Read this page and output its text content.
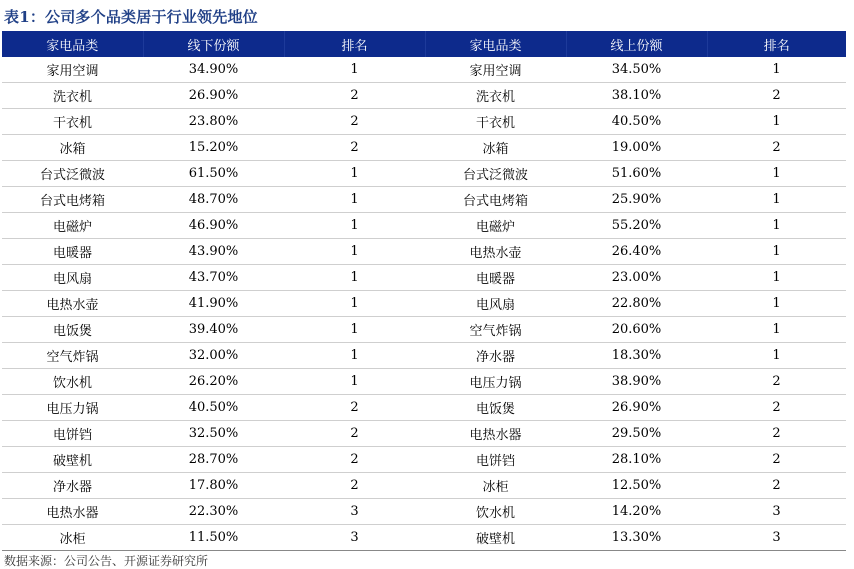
表1：公司多个品类居于行业领先地位
家电品类	线下份额	排名	家电品类	线上份额	排名
家用空调	34.90%	1	家用空调	34.50%	1
洗衣机	26.90%	2	洗衣机	38.10%	2
干衣机	23.80%	2	干衣机	40.50%	1
冰箱	15.20%	2	冰箱	19.00%	2
台式泛微波	61.50%	1	台式泛微波	51.60%	1
台式电烤箱	48.70%	1	台式电烤箱	25.90%	1
电磁炉	46.90%	1	电磁炉	55.20%	1
电暖器	43.90%	1	电热水壶	26.40%	1
电风扇	43.70%	1	电暖器	23.00%	1
电热水壶	41.90%	1	电风扇	22.80%	1
电饭煲	39.40%	1	空气炸锅	20.60%	1
空气炸锅	32.00%	1	净水器	18.30%	1
饮水机	26.20%	1	电压力锅	38.90%	2
电压力锅	40.50%	2	电饭煲	26.90%	2
电饼铛	32.50%	2	电热水器	29.50%	2
破壁机	28.70%	2	电饼铛	28.10%	2
净水器	17.80%	2	冰柜	12.50%	2
电热水器	22.30%	3	饮水机	14.20%	3
冰柜	11.50%	3	破壁机	13.30%	3
数据来源：公司公告、开源证券研究所
